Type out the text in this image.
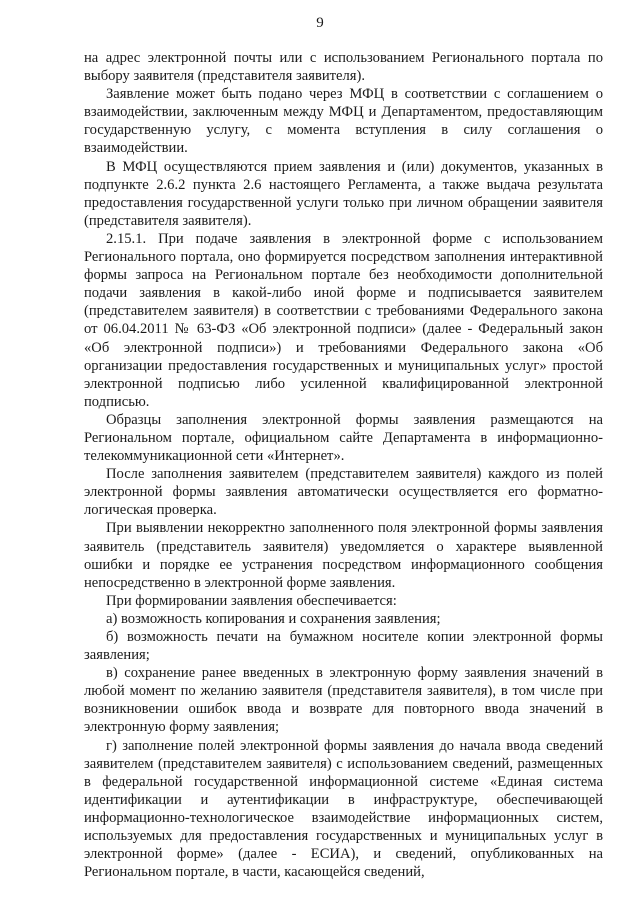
9

на адрес электронной почты или с использованием Регионального портала по выбору заявителя (представителя заявителя).

Заявление может быть подано через МФЦ в соответствии с соглашением о взаимодействии, заключенным между МФЦ и Департаментом, предоставляющим государственную услугу, с момента вступления в силу соглашения о взаимодействии.

В МФЦ осуществляются прием заявления и (или) документов, указанных в подпункте 2.6.2 пункта 2.6 настоящего Регламента, а также выдача результата предоставления государственной услуги только при личном обращении заявителя (представителя заявителя).

2.15.1. При подаче заявления в электронной форме с использованием Регионального портала, оно формируется посредством заполнения интерактивной формы запроса на Региональном портале без необходимости дополнительной подачи заявления в какой-либо иной форме и подписывается заявителем (представителем заявителя) в соответствии с требованиями Федерального закона от 06.04.2011 № 63-ФЗ «Об электронной подписи» (далее - Федеральный закон «Об электронной подписи») и требованиями Федерального закона «Об организации предоставления государственных и муниципальных услуг» простой электронной подписью либо усиленной квалифицированной электронной подписью.

Образцы заполнения электронной формы заявления размещаются на Региональном портале, официальном сайте Департамента в информационно-телекоммуникационной сети «Интернет».

После заполнения заявителем (представителем заявителя) каждого из полей электронной формы заявления автоматически осуществляется его форматно-логическая проверка.

При выявлении некорректно заполненного поля электронной формы заявления заявитель (представитель заявителя) уведомляется о характере выявленной ошибки и порядке ее устранения посредством информационного сообщения непосредственно в электронной форме заявления.

При формировании заявления обеспечивается:

а) возможность копирования и сохранения заявления;

б) возможность печати на бумажном носителе копии электронной формы заявления;

в) сохранение ранее введенных в электронную форму заявления значений в любой момент по желанию заявителя (представителя заявителя), в том числе при возникновении ошибок ввода и возврате для повторного ввода значений в электронную форму заявления;

г) заполнение полей электронной формы заявления до начала ввода сведений заявителем (представителем заявителя) с использованием сведений, размещенных в федеральной государственной информационной системе «Единая система идентификации и аутентификации в инфраструктуре, обеспечивающей информационно-технологическое взаимодействие информационных систем, используемых для предоставления государственных и муниципальных услуг в электронной форме» (далее - ЕСИА), и сведений, опубликованных на Региональном портале, в части, касающейся сведений,
